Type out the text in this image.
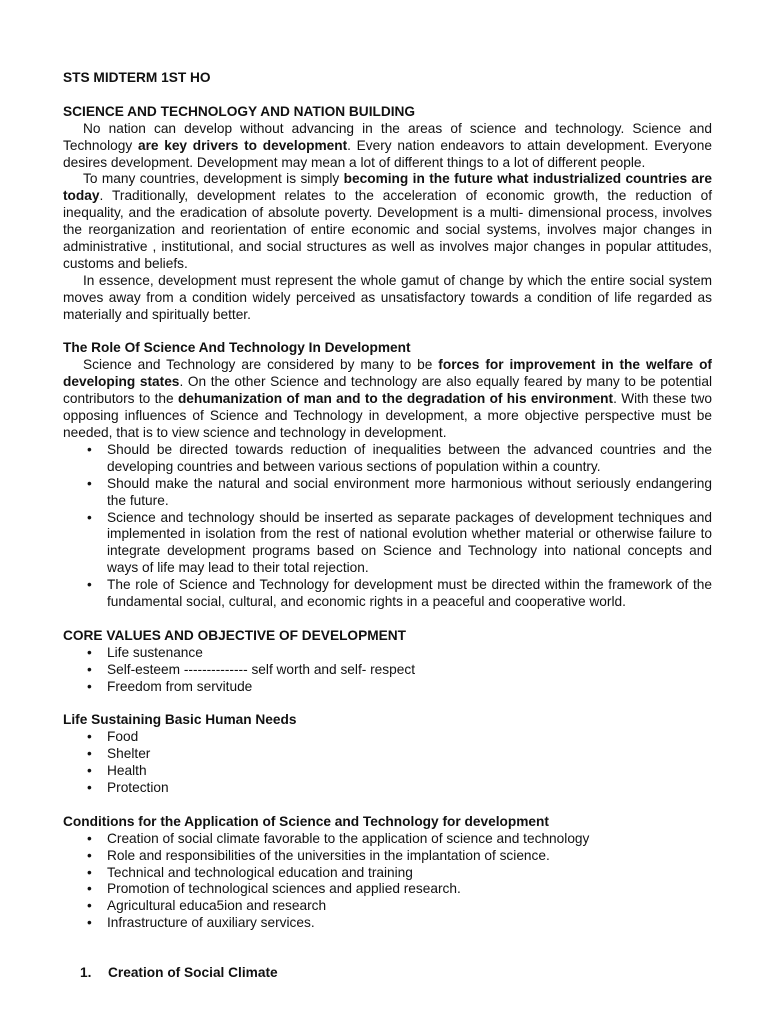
STS MIDTERM 1ST HO
SCIENCE AND TECHNOLOGY AND NATION BUILDING

No nation can develop without advancing in the areas of science and technology. Science and Technology are key drivers to development. Every nation endeavors to attain development. Everyone desires development. Development may mean a lot of different things to a lot of different people.

To many countries, development is simply becoming in the future what industrialized countries are today. Traditionally, development relates to the acceleration of economic growth, the reduction of inequality, and the eradication of absolute poverty. Development is a multi- dimensional process, involves the reorganization and reorientation of entire economic and social systems, involves major changes in administrative , institutional, and social structures as well as involves major changes in popular attitudes, customs and beliefs.

In essence, development must represent the whole gamut of change by which the entire social system moves away from a condition widely perceived as unsatisfactory towards a condition of life regarded as materially and spiritually better.

The Role Of Science And Technology In Development

Science and Technology are considered by many to be forces for improvement in the welfare of developing states. On the other Science and technology are also equally feared by many to be potential contributors to the dehumanization of man and to the degradation of his environment. With these two opposing influences of Science and Technology in development, a more objective perspective must be needed, that is to view science and technology in development.

• Should be directed towards reduction of inequalities between the advanced countries and the developing countries and between various sections of population within a country.
• Should make the natural and social environment more harmonious without seriously endangering the future.
• Science and technology should be inserted as separate packages of development techniques and implemented in isolation from the rest of national evolution whether material or otherwise failure to integrate development programs based on Science and Technology into national concepts and ways of life may lead to their total rejection.
• The role of Science and Technology for development must be directed within the framework of the fundamental social, cultural, and economic rights in a peaceful and cooperative world.
CORE VALUES AND OBJECTIVE OF DEVELOPMENT
• Life sustenance
• Self-esteem -------------- self worth and self- respect
• Freedom from servitude
Life Sustaining Basic Human Needs
• Food
• Shelter
• Health
• Protection
Conditions for the Application of Science and Technology for development
• Creation of social climate favorable to the application of science and technology
• Role and responsibilities of the universities in the implantation of science.
• Technical and technological education and training
• Promotion of technological sciences and applied research.
• Agricultural educa5ion and research
• Infrastructure of auxiliary services.
1. Creation of Social Climate
